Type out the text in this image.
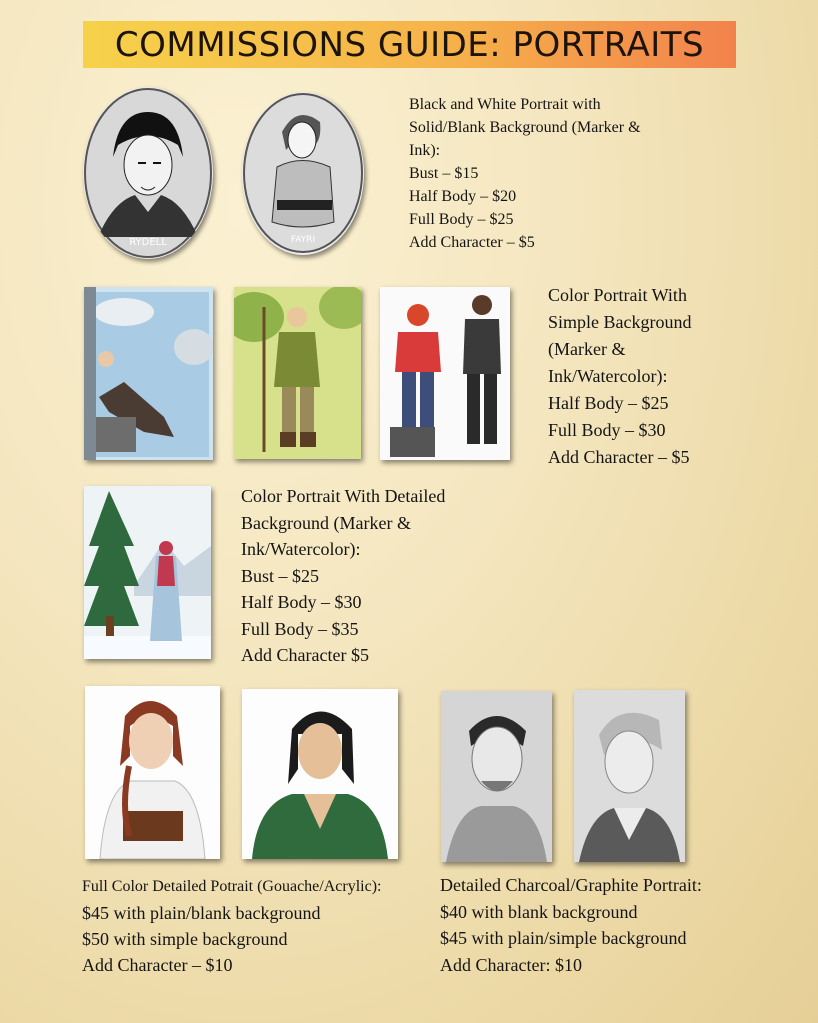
COMMISSIONS GUIDE: PORTRAITS
RYDELL	FAYRI
Black and White Portrait with
Solid/Blank Background (Marker &
Ink):
Bust – $15
Half Body – $20
Full Body – $25
Add Character – $5
Color Portrait With
Simple Background
(Marker &
Ink/Watercolor):
Half Body – $25
Full Body – $30
Add Character – $5
Color Portrait With Detailed
Background (Marker &
Ink/Watercolor):
Bust – $25
Half Body – $30
Full Body – $35
Add Character $5
Full Color Detailed Potrait (Gouache/Acrylic):
$45 with plain/blank background
$50 with simple background
Add Character – $10
Detailed Charcoal/Graphite Portrait:
$40 with blank background
$45 with plain/simple background
Add Character: $10
